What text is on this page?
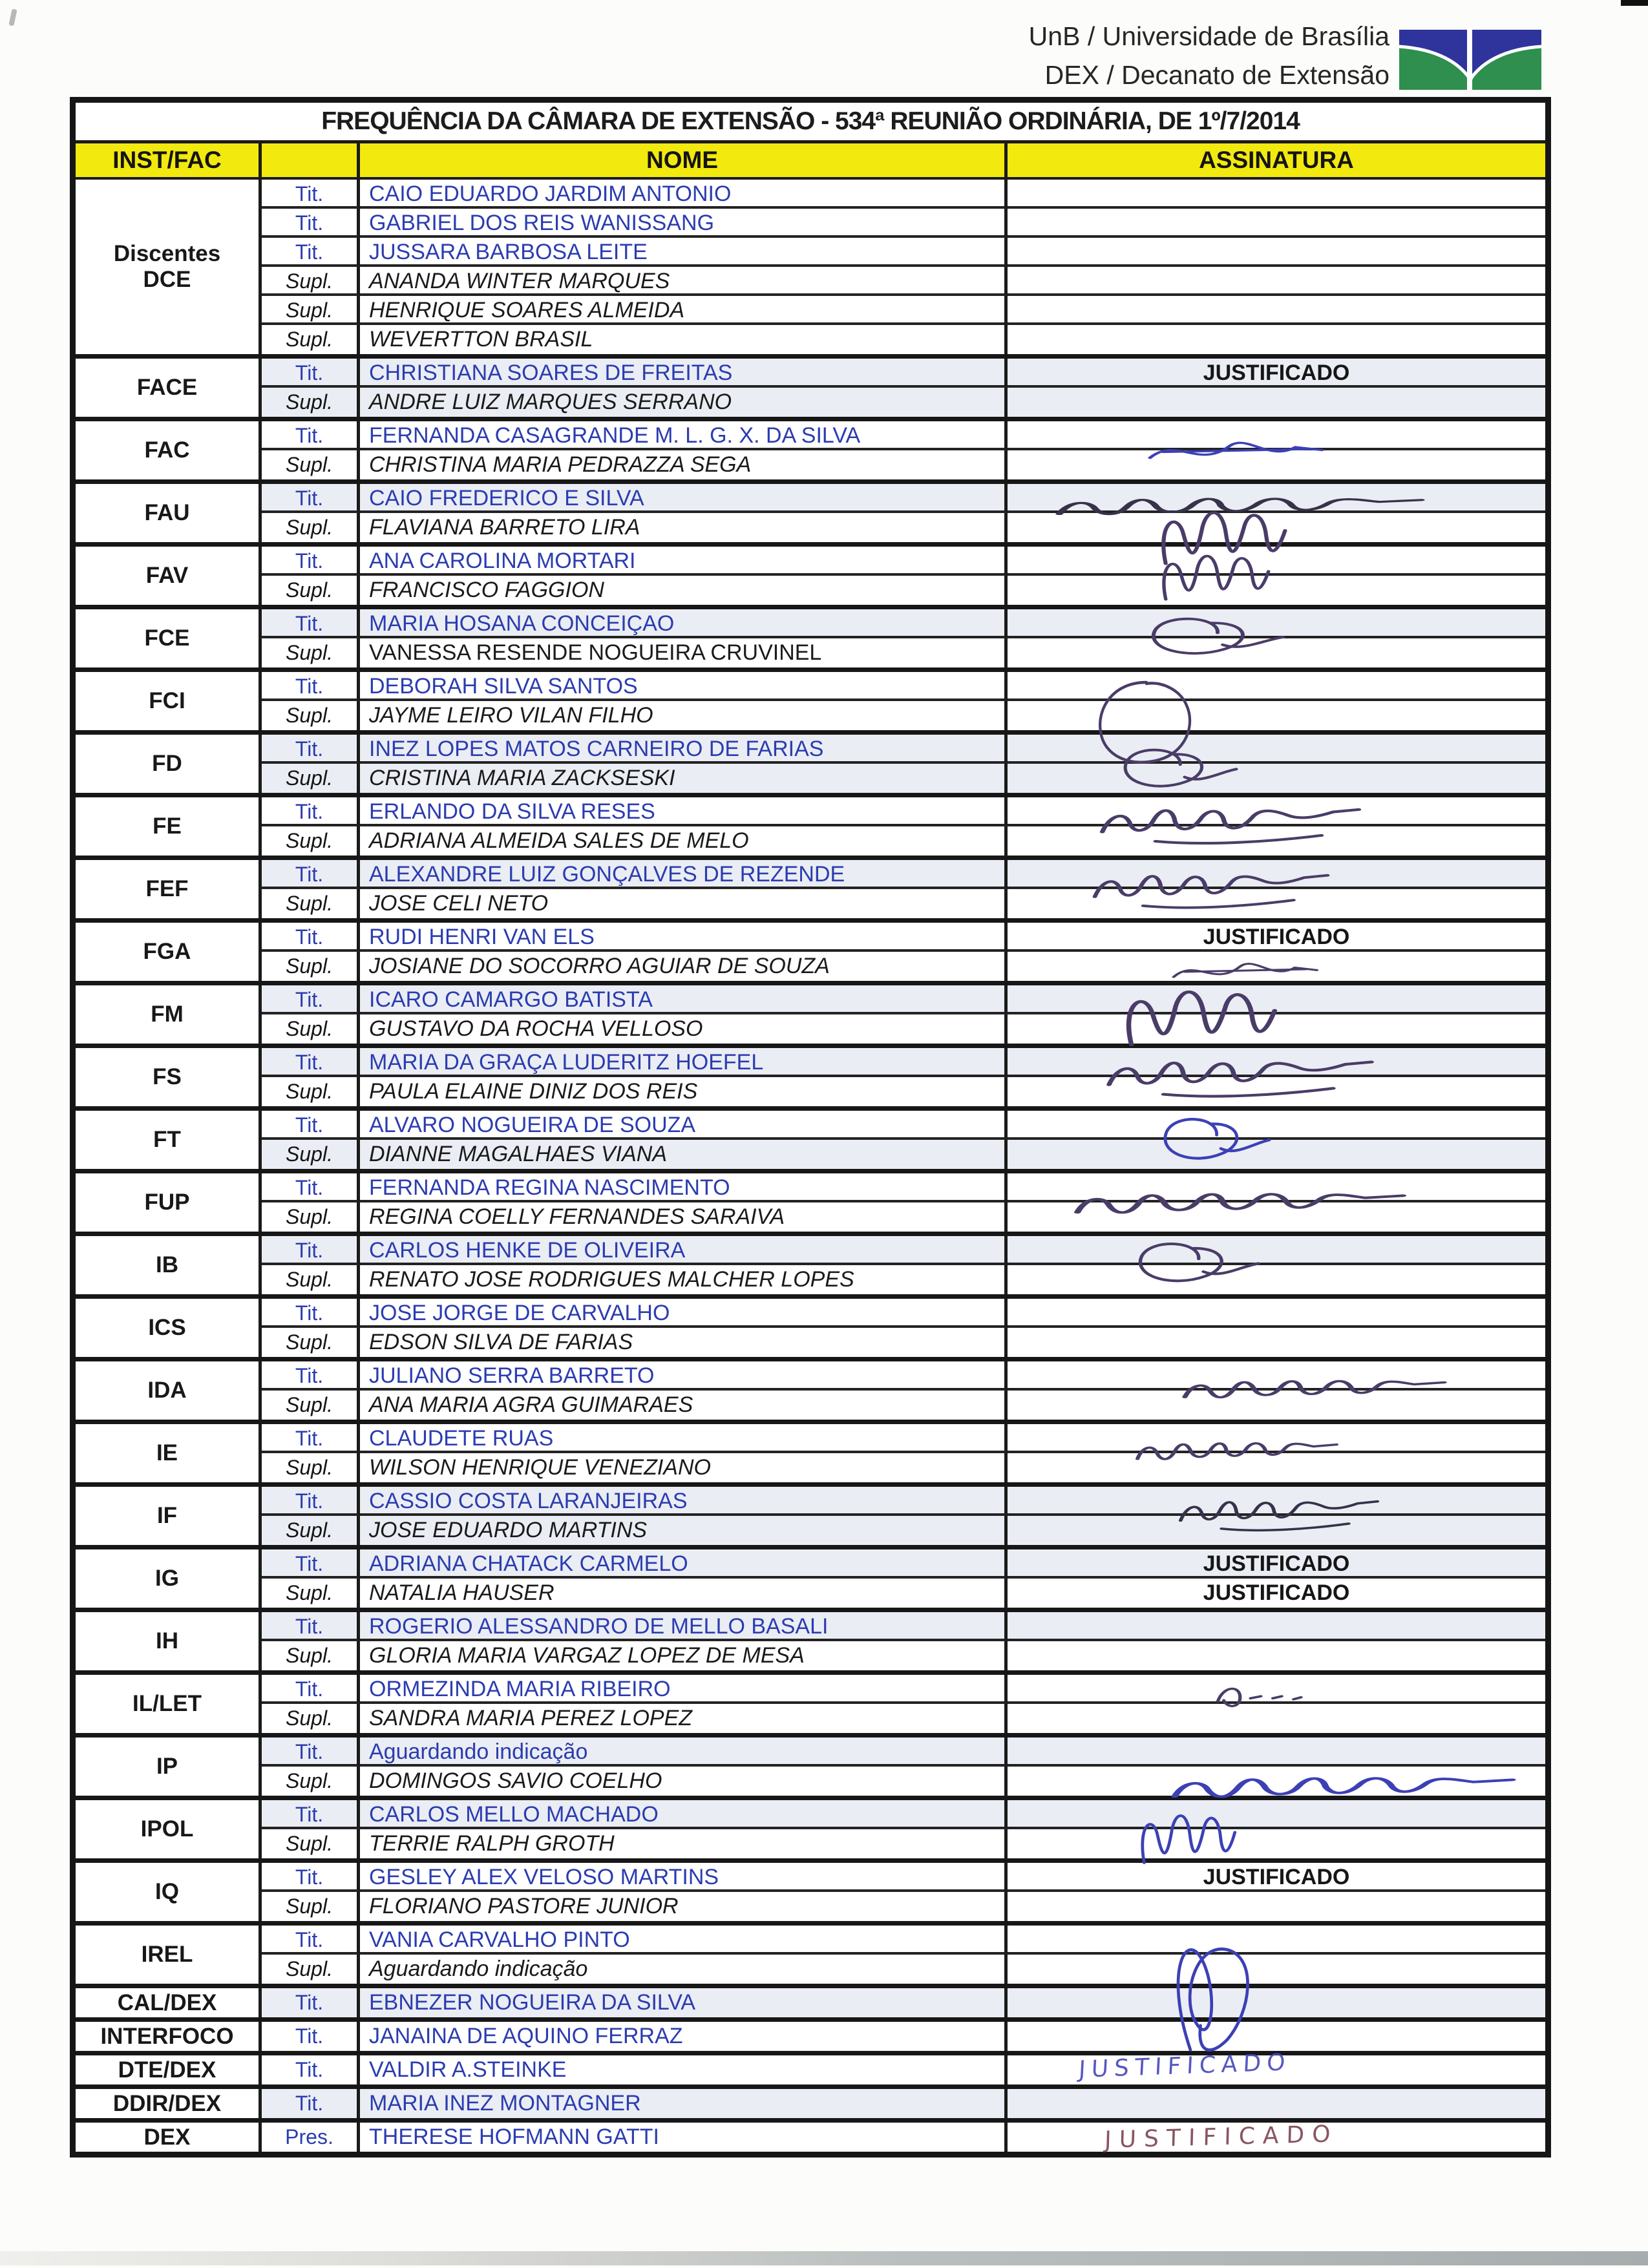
UnB / Universidade de Brasília
DEX / Decanato de Extensão
FREQUÊNCIA DA CÂMARA DE EXTENSÃO - 534ª REUNIÃO ORDINÁRIA, DE 1º/7/2014
INST/FAC	NOME	ASSINATURA
Discentes
DCE
Tit.	CAIO EDUARDO JARDIM ANTONIO
Tit.	GABRIEL DOS REIS WANISSANG
Tit.	JUSSARA BARBOSA LEITE
Supl.	ANANDA WINTER MARQUES
Supl.	HENRIQUE SOARES ALMEIDA
Supl.	WEVERTTON BRASIL
FACE
Tit.	CHRISTIANA SOARES DE FREITAS	JUSTIFICADO
Supl.	ANDRE LUIZ MARQUES SERRANO
FAC
Tit.	FERNANDA CASAGRANDE M. L. G. X. DA SILVA
Supl.	CHRISTINA MARIA PEDRAZZA SEGA
FAU
Tit.	CAIO FREDERICO E SILVA
Supl.	FLAVIANA BARRETO LIRA
FAV
Tit.	ANA CAROLINA MORTARI
Supl.	FRANCISCO FAGGION
FCE
Tit.	MARIA HOSANA CONCEIÇAO
Supl.	VANESSA RESENDE NOGUEIRA CRUVINEL
FCI
Tit.	DEBORAH SILVA SANTOS
Supl.	JAYME LEIRO VILAN FILHO
FD
Tit.	INEZ LOPES MATOS CARNEIRO DE FARIAS
Supl.	CRISTINA MARIA ZACKSESKI
FE
Tit.	ERLANDO DA SILVA RESES
Supl.	ADRIANA ALMEIDA SALES DE MELO
FEF
Tit.	ALEXANDRE LUIZ GONÇALVES DE REZENDE
Supl.	JOSE CELI NETO
FGA
Tit.	RUDI HENRI VAN ELS	JUSTIFICADO
Supl.	JOSIANE DO SOCORRO AGUIAR DE SOUZA
FM
Tit.	ICARO CAMARGO BATISTA
Supl.	GUSTAVO DA ROCHA VELLOSO
FS
Tit.	MARIA DA GRAÇA LUDERITZ HOEFEL
Supl.	PAULA ELAINE DINIZ DOS REIS
FT
Tit.	ALVARO NOGUEIRA DE SOUZA
Supl.	DIANNE MAGALHAES VIANA
FUP
Tit.	FERNANDA REGINA NASCIMENTO
Supl.	REGINA COELLY FERNANDES SARAIVA
IB
Tit.	CARLOS HENKE DE OLIVEIRA
Supl.	RENATO JOSE RODRIGUES MALCHER LOPES
ICS
Tit.	JOSE JORGE DE CARVALHO
Supl.	EDSON SILVA DE FARIAS
IDA
Tit.	JULIANO SERRA BARRETO
Supl.	ANA MARIA AGRA GUIMARAES
IE
Tit.	CLAUDETE RUAS
Supl.	WILSON HENRIQUE VENEZIANO
IF
Tit.	CASSIO COSTA LARANJEIRAS
Supl.	JOSE EDUARDO MARTINS
IG
Tit.	ADRIANA CHATACK CARMELO	JUSTIFICADO
Supl.	NATALIA HAUSER	JUSTIFICADO
IH
Tit.	ROGERIO ALESSANDRO DE MELLO BASALI
Supl.	GLORIA MARIA VARGAZ LOPEZ DE MESA
IL/LET
Tit.	ORMEZINDA MARIA RIBEIRO
Supl.	SANDRA MARIA PEREZ LOPEZ
IP
Tit.	Aguardando indicação
Supl.	DOMINGOS SAVIO COELHO
IPOL
Tit.	CARLOS MELLO MACHADO
Supl.	TERRIE RALPH GROTH
IQ
Tit.	GESLEY ALEX VELOSO MARTINS	JUSTIFICADO
Supl.	FLORIANO PASTORE JUNIOR
IREL
Tit.	VANIA CARVALHO PINTO
Supl.	Aguardando indicação
CAL/DEX	Tit.	EBNEZER NOGUEIRA DA SILVA
INTERFOCO	Tit.	JANAINA DE AQUINO FERRAZ
DTE/DEX	Tit.	VALDIR A.STEINKE	JUSTIFICADO
DDIR/DEX	Tit.	MARIA INEZ MONTAGNER
DEX	Pres.	THERESE HOFMANN GATTI	JUSTIFICADO
